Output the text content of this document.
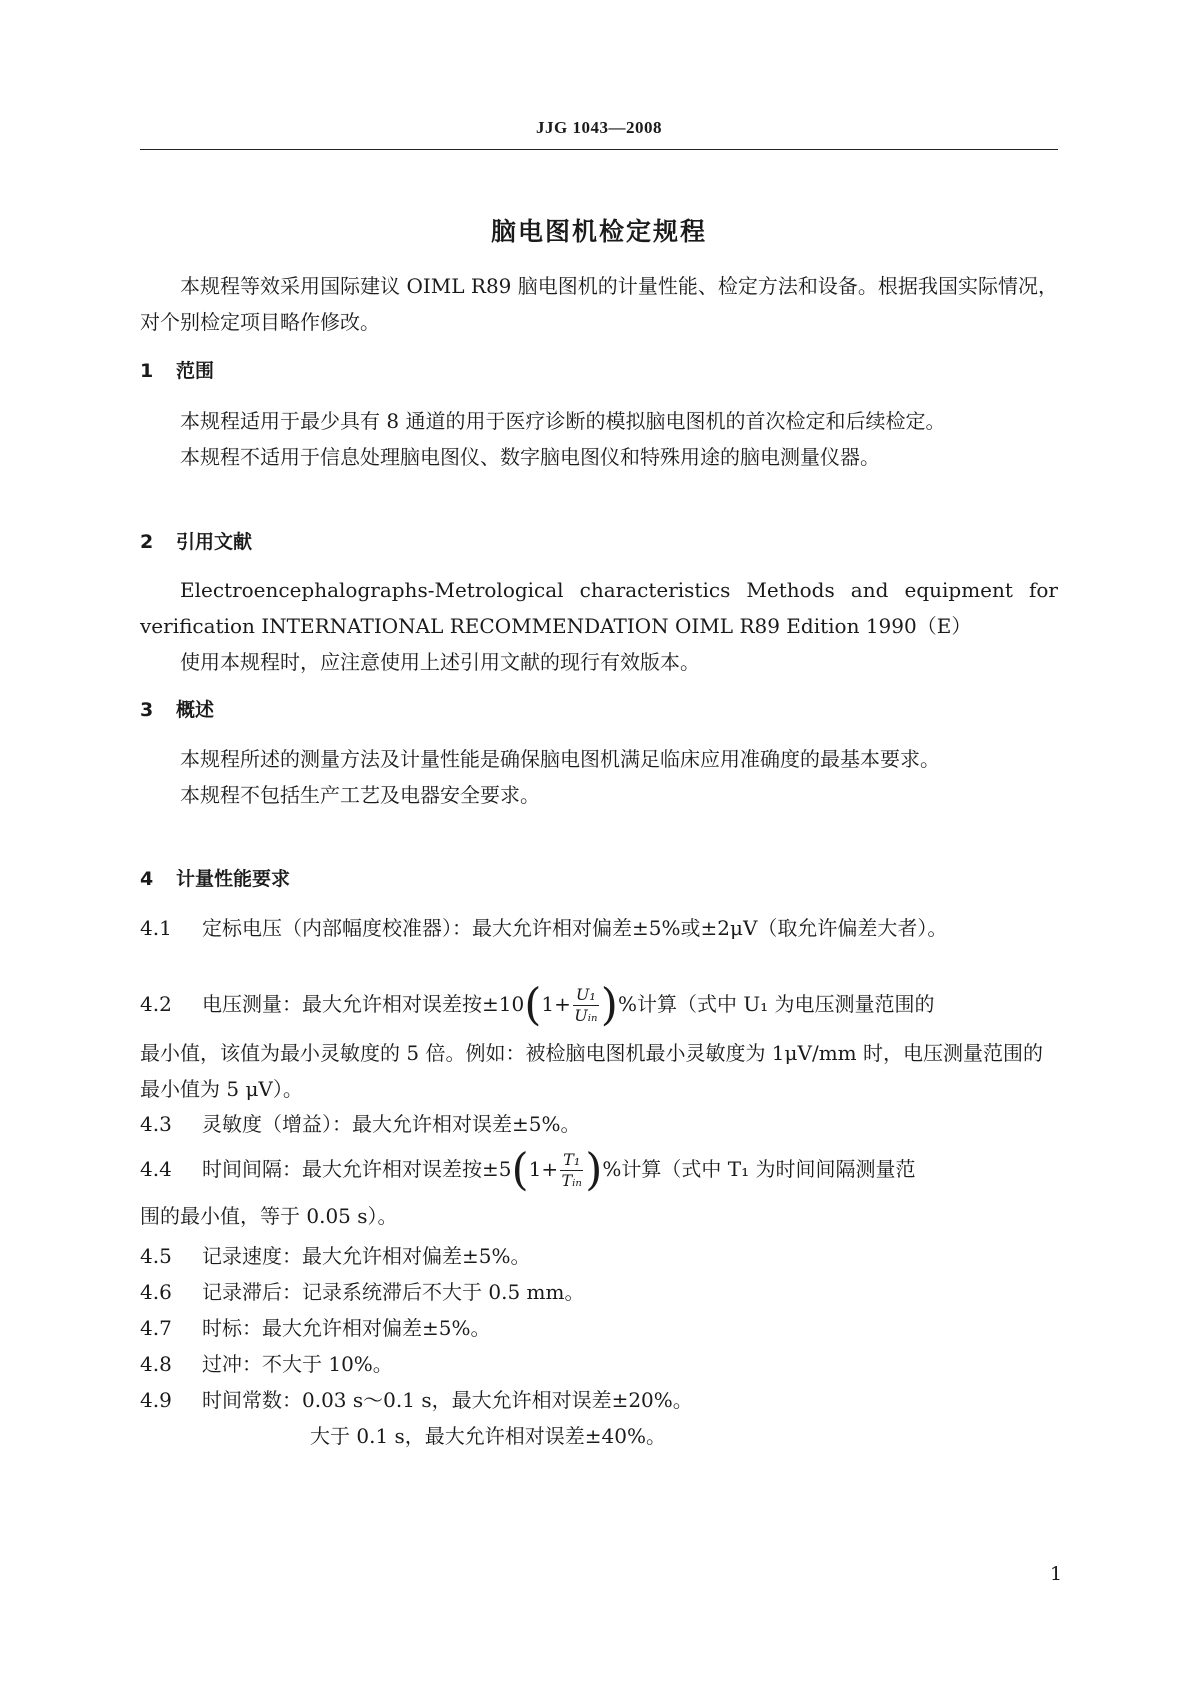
JJG 1043—2008
脑电图机检定规程

本规程等效采用国际建议 OIML R89 脑电图机的计量性能、检定方法和设备。根据我国实际情况，对个别检定项目略作修改。

1 范围

本规程适用于最少具有 8 通道的用于医疗诊断的模拟脑电图机的首次检定和后续检定。

本规程不适用于信息处理脑电图仪、数字脑电图仪和特殊用途的脑电测量仪器。

2 引用文献

Electroencephalographs-Metrological characteristics Methods and equipment for verification INTERNATIONAL RECOMMENDATION OIML R89 Edition 1990（E）

使用本规程时，应注意使用上述引用文献的现行有效版本。

3 概述

本规程所述的测量方法及计量性能是确保脑电图机满足临床应用准确度的最基本要求。

本规程不包括生产工艺及电器安全要求。

4 计量性能要求
4.1 定标电压（内部幅度校准器）：最大允许相对偏差±5%或±2μV（取允许偏差大者）。
4.2 电压测量：最大允许相对误差按$\pm 10(1+ \frac{\text{U₁}}{\text{Uᵢₙ}}$ )%计算（式中 U₁ 为电压测量范围的
最小值，该值为最小灵敏度的 5 倍。例如：被检脑电图机最小灵敏度为 1μV/mm 时，电压测量范围的最小值为 5 μV）。
4.3 灵敏度（增益）：最大允许相对误差±5%。
4.4 时间间隔：最大允许相对误差按$\pm 5(1+ \frac{\text{T₁}}{\text{Tᵢₙ}}$ )%计算（式中 T₁ 为时间间隔测量范
围的最小值，等于 0.05 s）。
4.5 记录速度：最大允许相对偏差±5%。
4.6 记录滞后：记录系统滞后不大于 0.5 mm。
4.7 时标：最大允许相对偏差±5%。
4.8 过冲：不大于 10%。
4.9 时间常数：0.03 s～0.1 s，最大允许相对误差±20%。
大于 0.1 s，最大允许相对误差±40%。
1
